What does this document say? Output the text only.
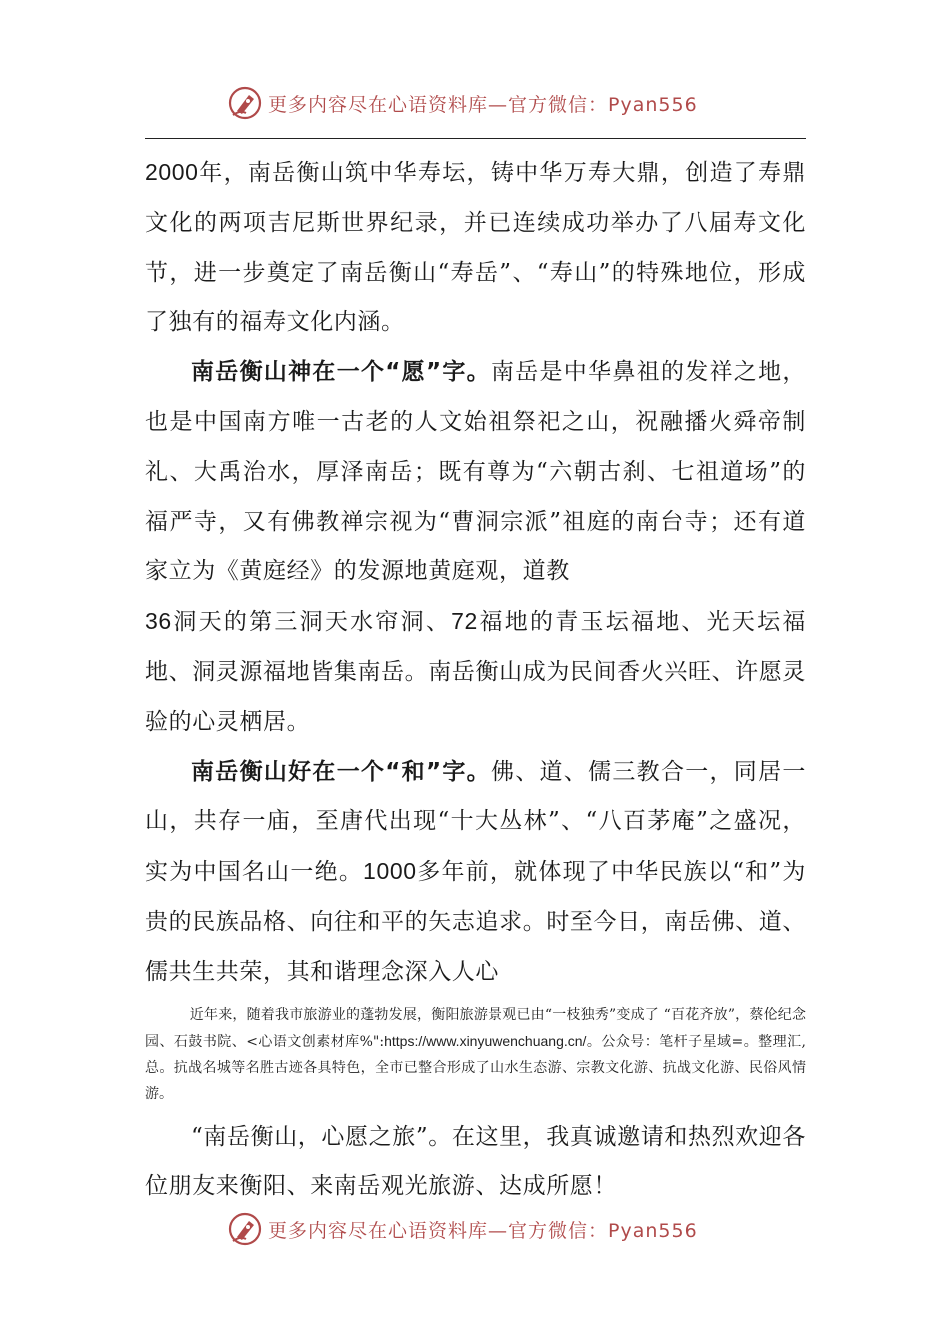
更多内容尽在心语资料库—官方微信：Pyan556

2000年，南岳衡山筑中华寿坛，铸中华万寿大鼎，创造了寿鼎文化的两项吉尼斯世界纪录，并已连续成功举办了八届寿文化节，进一步奠定了南岳衡山“寿岳”、“寿山”的特殊地位，形成了独有的福寿文化内涵。

南岳衡山神在一个“愿”字。南岳是中华鼻祖的发祥之地，也是中国南方唯一古老的人文始祖祭祀之山，祝融播火舜帝制礼、大禹治水，厚泽南岳；既有尊为“六朝古刹、七祖道场”的福严寺，又有佛教禅宗视为“曹洞宗派”祖庭的南台寺；还有道家立为《黄庭经》的发源地黄庭观，道教
36洞天的第三洞天水帘洞、72福地的青玉坛福地、光天坛福地、洞灵源福地皆集南岳。南岳衡山成为民间香火兴旺、许愿灵验的心灵栖居。

南岳衡山好在一个“和”字。佛、道、儒三教合一，同居一山，共存一庙，至唐代出现“十大丛林”、“八百茅庵”之盛况，实为中国名山一绝。1000多年前，就体现了中华民族以“和”为贵的民族品格、向往和平的矢志追求。时至今日，南岳佛、道、儒共生共荣，其和谐理念深入人心

近年来，随着我市旅游业的蓬勃发展，衡阳旅游景观已由“一枝独秀”变成了 “百花齐放”，蔡伦纪念园、石鼓书院、<心语文创素材库%":https://www.xinyuwenchuang.cn/。公众号：笔杆子星域=。整理汇,总。抗战名城等名胜古迹各具特色，全市已整合形成了山水生态游、宗教文化游、抗战文化游、民俗风情游。

“南岳衡山，心愿之旅”。在这里，我真诚邀请和热烈欢迎各位朋友来衡阳、来南岳观光旅游、达成所愿！

更多内容尽在心语资料库—官方微信：Pyan556
